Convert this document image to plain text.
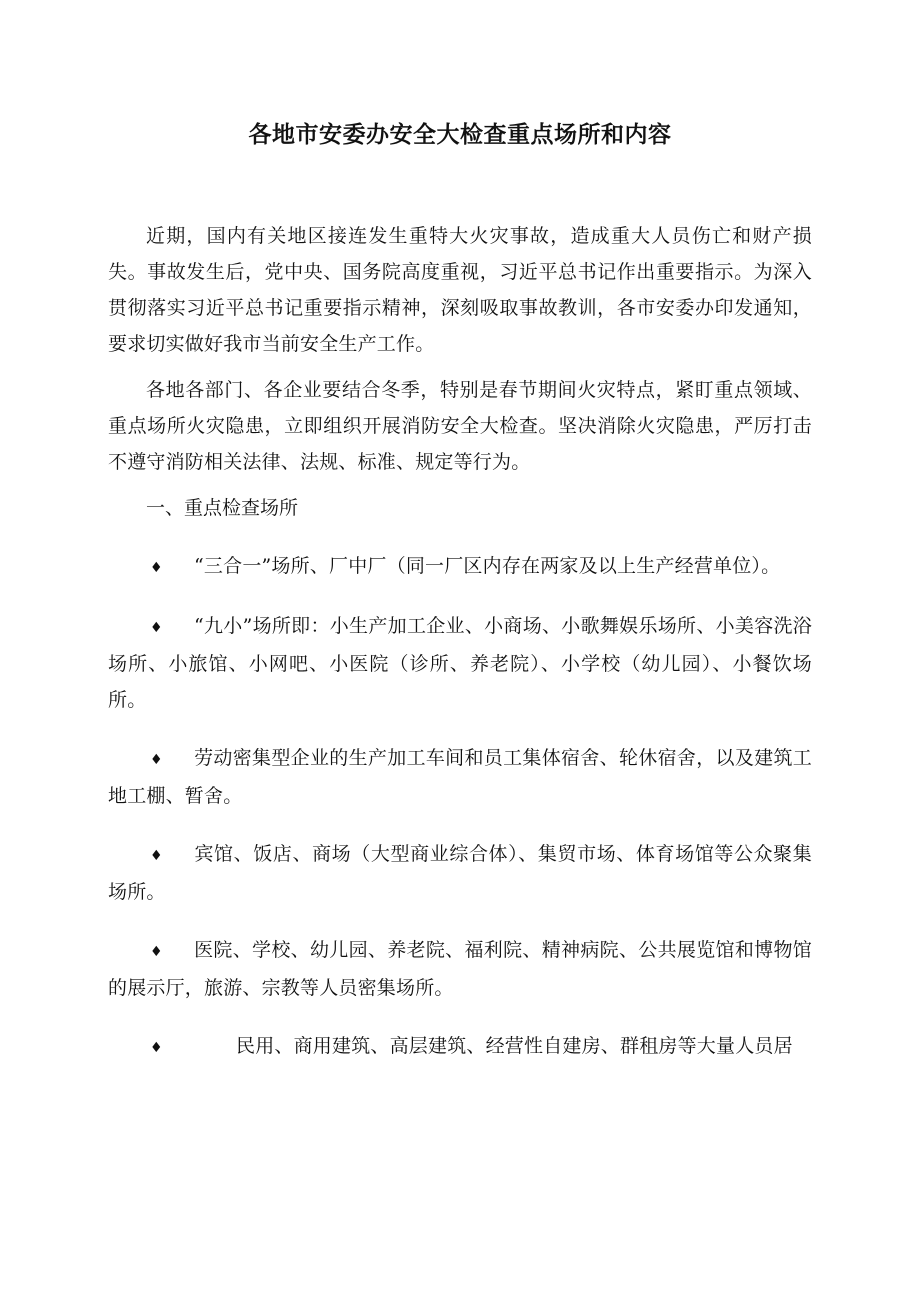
各地市安委办安全大检查重点场所和内容

近期，国内有关地区接连发生重特大火灾事故，造成重大人员伤亡和财产损失。事故发生后，党中央、国务院高度重视，习近平总书记作出重要指示。为深入贯彻落实习近平总书记重要指示精神，深刻吸取事故教训，各市安委办印发通知，要求切实做好我市当前安全生产工作。

各地各部门、各企业要结合冬季，特别是春节期间火灾特点，紧盯重点领域、重点场所火灾隐患，立即组织开展消防安全大检查。坚决消除火灾隐患，严厉打击不遵守消防相关法律、法规、标准、规定等行为。

一、重点检查场所

♦ “三合一”场所、厂中厂（同一厂区内存在两家及以上生产经营单位）。

♦ “九小”场所即：小生产加工企业、小商场、小歌舞娱乐场所、小美容洗浴场所、小旅馆、小网吧、小医院（诊所、养老院）、小学校（幼儿园）、小餐饮场所。

♦ 劳动密集型企业的生产加工车间和员工集体宿舍、轮休宿舍，以及建筑工地工棚、暂舍。

♦ 宾馆、饭店、商场（大型商业综合体）、集贸市场、体育场馆等公众聚集场所。

♦ 医院、学校、幼儿园、养老院、福利院、精神病院、公共展览馆和博物馆的展示厅，旅游、宗教等人员密集场所。

♦	民用、商用建筑、高层建筑、经营性自建房、群租房等大量人员居
